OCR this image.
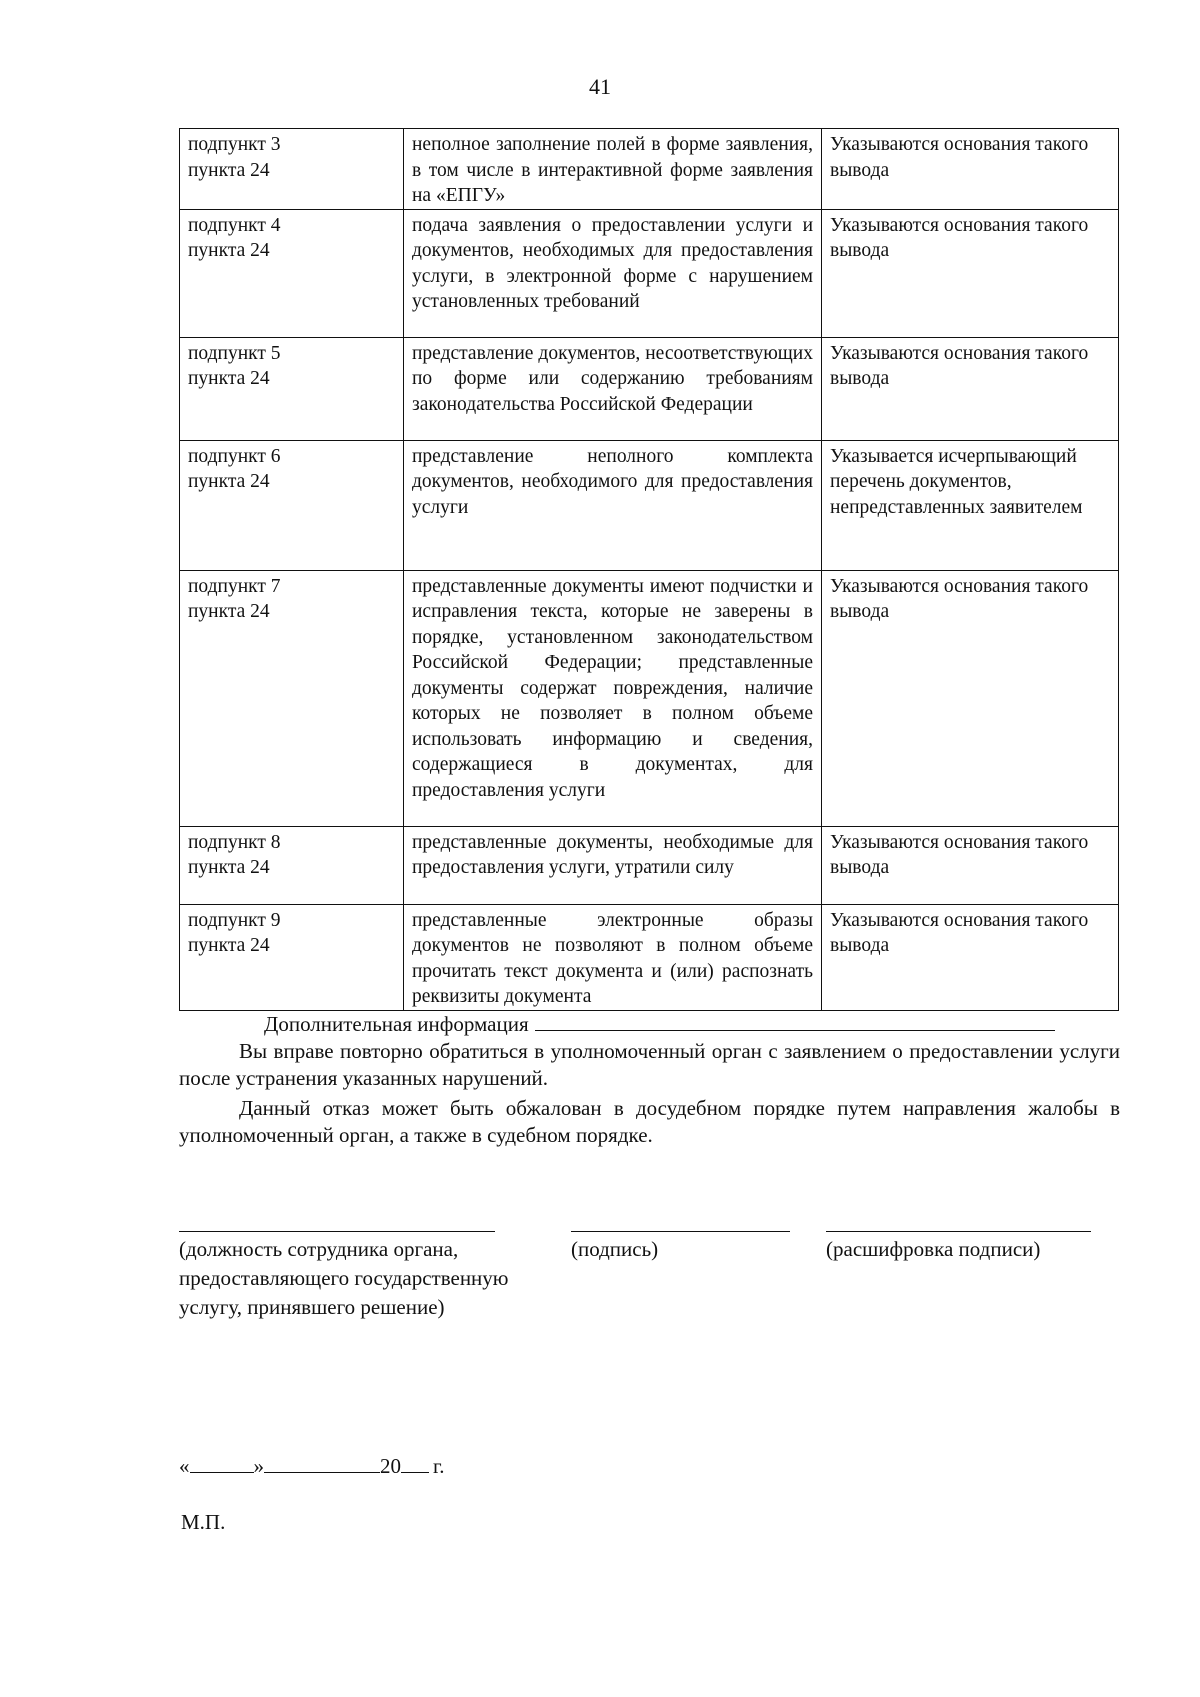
41
подпункт 3
пункта 24	неполное заполнение полей в форме заявления, в том числе в интерактивной форме заявления на «ЕПГУ»	Указываются основания такого вывода
подпункт 4
пункта 24	подача заявления о предоставлении услуги и документов, необходимых для предоставления услуги, в электронной форме с нарушением установленных требований	Указываются основания такого вывода
подпункт 5
пункта 24	представление документов, несоответствующих по форме или содержанию требованиям законодательства Российской Федерации	Указываются основания такого вывода
подпункт 6
пункта 24	представление неполного комплекта документов, необходимого для предоставления услуги	Указывается исчерпывающий перечень документов, непредставленных заявителем
подпункт 7
пункта 24	представленные документы имеют подчистки и исправления текста, которые не заверены в порядке, установленном законодательством Российской Федерации; представленные документы содержат повреждения, наличие которых не позволяет в полном объеме использовать информацию и сведения, содержащиеся в документах, для предоставления услуги	Указываются основания такого вывода
подпункт 8
пункта 24	представленные документы, необходимые для предоставления услуги, утратили силу	Указываются основания такого вывода
подпункт 9
пункта 24	представленные электронные образы документов не позволяют в полном объеме прочитать текст документа и (или) распознать реквизиты документа	Указываются основания такого вывода
Дополнительная информация
Вы вправе повторно обратиться в уполномоченный орган с заявлением о предоставлении услуги после устранения указанных нарушений.
Данный отказ может быть обжалован в досудебном порядке путем направления жалобы в уполномоченный орган, а также в судебном порядке.
(должность сотрудника органа,
предоставляющего государственную
услугу, принявшего решение)
(подпись)	(расшифровка подписи)
«	»	20 г.
М.П.
